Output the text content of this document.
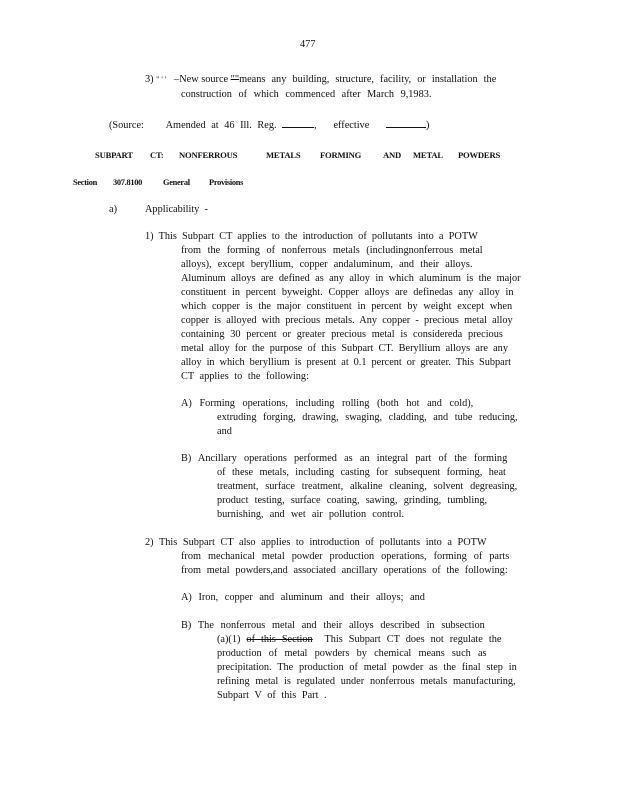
477
3) " ' ' –New source ""means any building, structure, facility, or installation the
construction of which commenced after March 9,1983.
(Source: Amended at 46 Ill. Reg.	,   effective	)
SUBPART CT: NONFERROUS	METALS FORMING	AND METAL POWDERS
Section 307.8100 General Provisions
a)	Applicability -
1) This Subpart CT applies to the introduction of pollutants into a POTW
from the forming of nonferrous metals (includingnonferrous metal
alloys), except beryllium, copper andaluminum, and their alloys.
Aluminum alloys are defined as any alloy in which aluminum is the major
constituent in percent byweight. Copper alloys are definedas any alloy in
which copper is the major constituent in percent by weight except when
copper is alloyed with precious metals. Any copper - precious metal alloy
containing 30 percent or greater precious metal is considereda precious
metal alloy for the purpose of this Subpart CT. Beryllium alloys are any
alloy in which beryllium is present at 0.1 percent or greater. This Subpart
CT applies to the following:
A) Forming operations, including rolling (both hot and cold),
extruding forging, drawing, swaging, cladding, and tube reducing,
and
B) Ancillary operations performed as an integral part of the forming
of these metals, including casting for subsequent forming, heat
treatment, surface treatment, alkaline cleaning, solvent degreasing,
product testing, surface coating, sawing, grinding, tumbling,
burnishing, and wet air pollution control.
2) This Subpart CT also applies to introduction of pollutants into a POTW
from mechanical metal powder production operations, forming of parts
from metal powders,and associated ancillary operations of the following:
A) Iron, copper and aluminum and their alloys; and
B) The nonferrous metal and their alloys described in subsection
(a)(1) of this Section This Subpart CT does not regulate the
production of metal powders by chemical means such as
precipitation. The production of metal powder as the final step in
refining metal is regulated under nonferrous metals manufacturing,
Subpart V of this Part .
